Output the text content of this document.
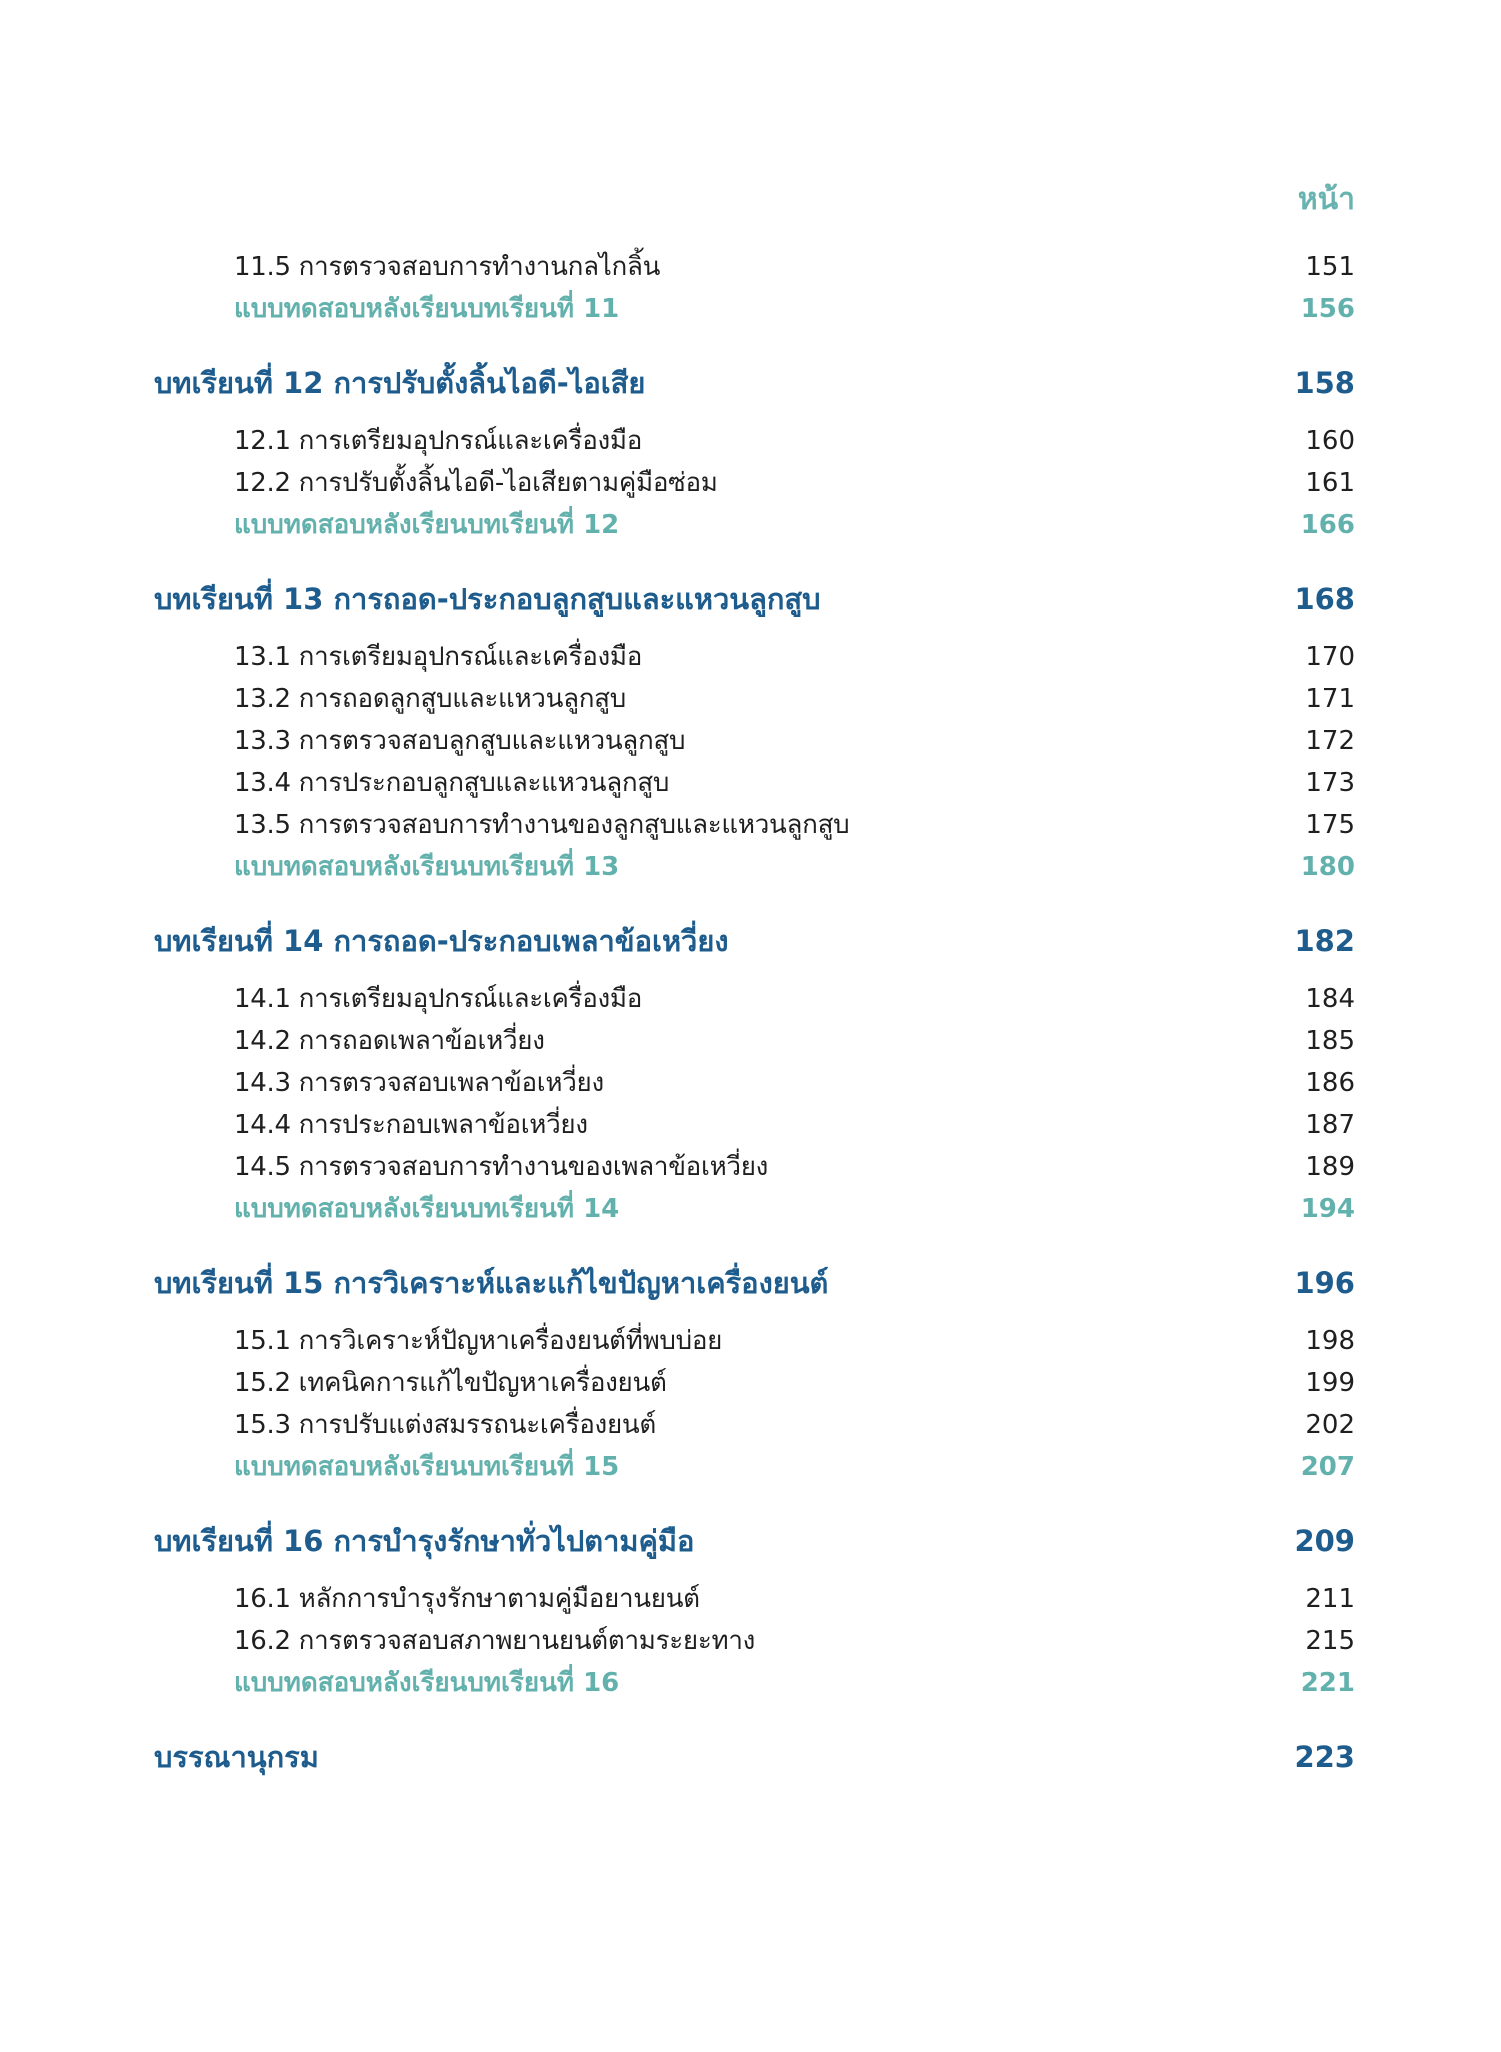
หน้า
11.5 การตรวจสอบการทำงานกลไกลิ้น	151
แบบทดสอบหลังเรียนบทเรียนที่ 11	156
บทเรียนที่ 12 การปรับตั้งลิ้นไอดี-ไอเสีย	158
12.1 การเตรียมอุปกรณ์และเครื่องมือ	160
12.2 การปรับตั้งลิ้นไอดี-ไอเสียตามคู่มือซ่อม	161
แบบทดสอบหลังเรียนบทเรียนที่ 12	166
บทเรียนที่ 13 การถอด-ประกอบลูกสูบและแหวนลูกสูบ	168
13.1 การเตรียมอุปกรณ์และเครื่องมือ	170
13.2 การถอดลูกสูบและแหวนลูกสูบ	171
13.3 การตรวจสอบลูกสูบและแหวนลูกสูบ	172
13.4 การประกอบลูกสูบและแหวนลูกสูบ	173
13.5 การตรวจสอบการทำงานของลูกสูบและแหวนลูกสูบ	175
แบบทดสอบหลังเรียนบทเรียนที่ 13	180
บทเรียนที่ 14 การถอด-ประกอบเพลาข้อเหวี่ยง	182
14.1 การเตรียมอุปกรณ์และเครื่องมือ	184
14.2 การถอดเพลาข้อเหวี่ยง	185
14.3 การตรวจสอบเพลาข้อเหวี่ยง	186
14.4 การประกอบเพลาข้อเหวี่ยง	187
14.5 การตรวจสอบการทำงานของเพลาข้อเหวี่ยง	189
แบบทดสอบหลังเรียนบทเรียนที่ 14	194
บทเรียนที่ 15 การวิเคราะห์และแก้ไขปัญหาเครื่องยนต์	196
15.1 การวิเคราะห์ปัญหาเครื่องยนต์ที่พบบ่อย	198
15.2 เทคนิคการแก้ไขปัญหาเครื่องยนต์	199
15.3 การปรับแต่งสมรรถนะเครื่องยนต์	202
แบบทดสอบหลังเรียนบทเรียนที่ 15	207
บทเรียนที่ 16 การบำรุงรักษาทั่วไปตามคู่มือ	209
16.1 หลักการบำรุงรักษาตามคู่มือยานยนต์	211
16.2 การตรวจสอบสภาพยานยนต์ตามระยะทาง	215
แบบทดสอบหลังเรียนบทเรียนที่ 16	221
บรรณานุกรม	223
